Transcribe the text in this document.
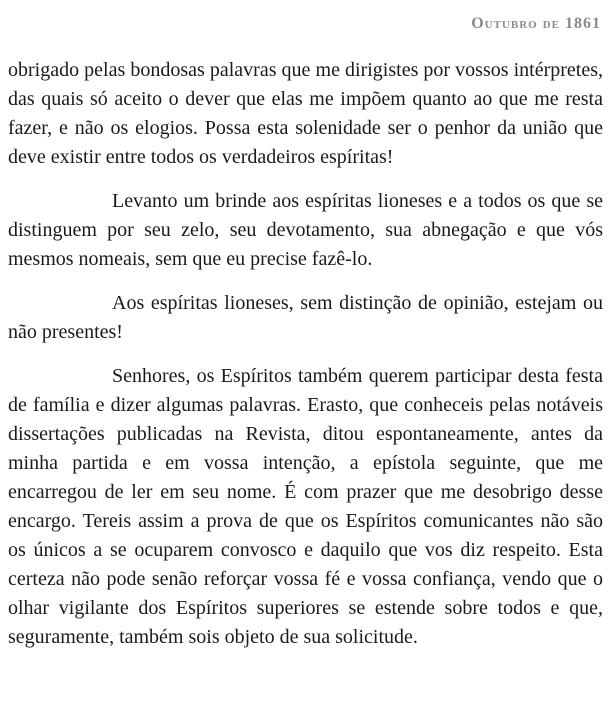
Outubro de 1861

obrigado pelas bondosas palavras que me dirigistes por vossos intérpretes, das quais só aceito o dever que elas me impõem quanto ao que me resta fazer, e não os elogios. Possa esta solenidade ser o penhor da união que deve existir entre todos os verdadeiros espíritas!

Levanto um brinde aos espíritas lioneses e a todos os que se distinguem por seu zelo, seu devotamento, sua abnegação e que vós mesmos nomeais, sem que eu precise fazê-lo.

Aos espíritas lioneses, sem distinção de opinião, estejam ou não presentes!

Senhores, os Espíritos também querem participar desta festa de família e dizer algumas palavras. Erasto, que conheceis pelas notáveis dissertações publicadas na Revista, ditou espontaneamente, antes da minha partida e em vossa intenção, a epístola seguinte, que me encarregou de ler em seu nome. É com prazer que me desobrigo desse encargo. Tereis assim a prova de que os Espíritos comunicantes não são os únicos a se ocuparem convosco e daquilo que vos diz respeito. Esta certeza não pode senão reforçar vossa fé e vossa confiança, vendo que o olhar vigilante dos Espíritos superiores se estende sobre todos e que, seguramente, também sois objeto de sua solicitude.
